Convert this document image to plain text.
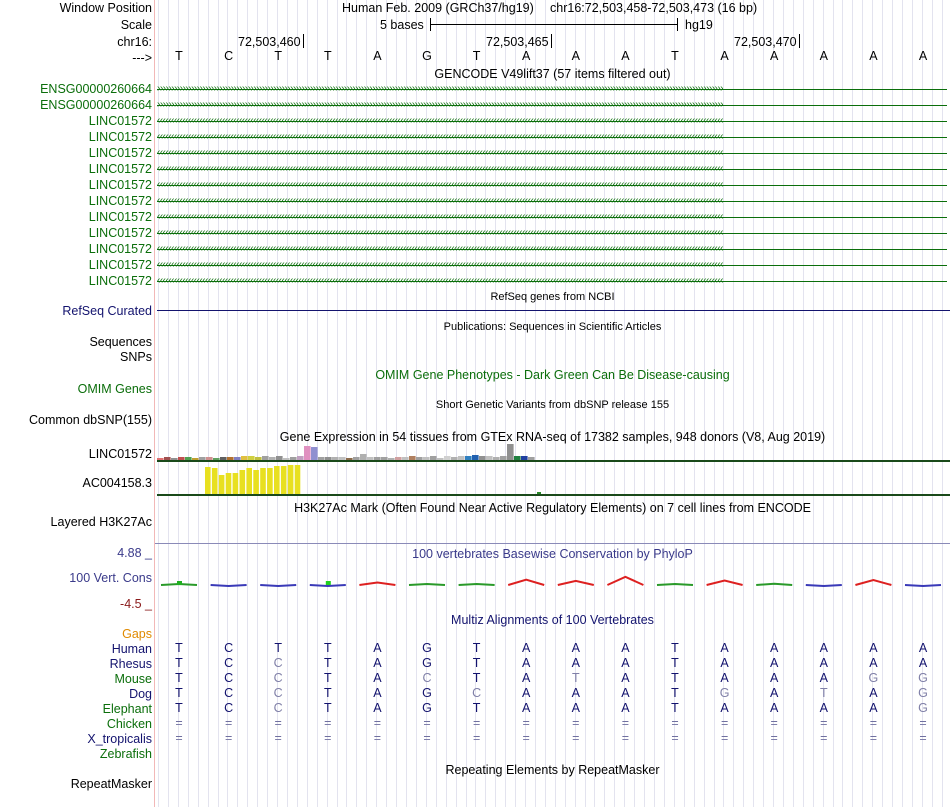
Window Position	Human Feb. 2009 (GRCh37/hg19) chr16:72,503,458-72,503,473 (16 bp)
Scale	5 bases	hg19
chr16:	72,503,460	72,503,465	72,503,470
--->	T	C	T	T	A	G	T	A	A	A	T	A	A	A	A	A
GENCODE V49lift37 (57 items filtered out)
ENSG00000260664 ››››››››››››››››››››››››››››››››››››››››››››››››››››››››››››››››››››››››››››››››››››››››››››››››››››››››››››››››››››››››››››››››››››››››››››››››››››››››››››››››››››››››››››››››››››››››››››››››››››››››
ENSG00000260664 ››››››››››››››››››››››››››››››››››››››››››››››››››››››››››››››››››››››››››››››››››››››››››››››››››››››››››››››››››››››››››››››››››››››››››››››››››››››››››››››››››››››››››››››››››››››››››››››››››››››››
LINC01572 ‹‹‹‹‹‹‹‹‹‹‹‹‹‹‹‹‹‹‹‹‹‹‹‹‹‹‹‹‹‹‹‹‹‹‹‹‹‹‹‹‹‹‹‹‹‹‹‹‹‹‹‹‹‹‹‹‹‹‹‹‹‹‹‹‹‹‹‹‹‹‹‹‹‹‹‹‹‹‹‹‹‹‹‹‹‹‹‹‹‹‹‹‹‹‹‹‹‹‹‹‹‹‹‹‹‹‹‹‹‹‹‹‹‹‹‹‹‹‹‹‹‹‹‹‹‹‹‹‹‹‹‹‹‹‹‹‹‹‹‹‹‹‹‹‹‹‹‹‹‹‹‹‹‹‹‹‹‹‹‹‹‹‹‹‹‹‹‹‹‹‹‹‹‹‹‹‹‹‹‹‹‹‹‹‹‹‹‹‹‹‹‹‹‹‹‹‹‹‹‹
LINC01572 ‹‹‹‹‹‹‹‹‹‹‹‹‹‹‹‹‹‹‹‹‹‹‹‹‹‹‹‹‹‹‹‹‹‹‹‹‹‹‹‹‹‹‹‹‹‹‹‹‹‹‹‹‹‹‹‹‹‹‹‹‹‹‹‹‹‹‹‹‹‹‹‹‹‹‹‹‹‹‹‹‹‹‹‹‹‹‹‹‹‹‹‹‹‹‹‹‹‹‹‹‹‹‹‹‹‹‹‹‹‹‹‹‹‹‹‹‹‹‹‹‹‹‹‹‹‹‹‹‹‹‹‹‹‹‹‹‹‹‹‹‹‹‹‹‹‹‹‹‹‹‹‹‹‹‹‹‹‹‹‹‹‹‹‹‹‹‹‹‹‹‹‹‹‹‹‹‹‹‹‹‹‹‹‹‹‹‹‹‹‹‹‹‹‹‹‹‹‹‹‹
LINC01572 ‹‹‹‹‹‹‹‹‹‹‹‹‹‹‹‹‹‹‹‹‹‹‹‹‹‹‹‹‹‹‹‹‹‹‹‹‹‹‹‹‹‹‹‹‹‹‹‹‹‹‹‹‹‹‹‹‹‹‹‹‹‹‹‹‹‹‹‹‹‹‹‹‹‹‹‹‹‹‹‹‹‹‹‹‹‹‹‹‹‹‹‹‹‹‹‹‹‹‹‹‹‹‹‹‹‹‹‹‹‹‹‹‹‹‹‹‹‹‹‹‹‹‹‹‹‹‹‹‹‹‹‹‹‹‹‹‹‹‹‹‹‹‹‹‹‹‹‹‹‹‹‹‹‹‹‹‹‹‹‹‹‹‹‹‹‹‹‹‹‹‹‹‹‹‹‹‹‹‹‹‹‹‹‹‹‹‹‹‹‹‹‹‹‹‹‹‹‹‹‹
LINC01572 ‹‹‹‹‹‹‹‹‹‹‹‹‹‹‹‹‹‹‹‹‹‹‹‹‹‹‹‹‹‹‹‹‹‹‹‹‹‹‹‹‹‹‹‹‹‹‹‹‹‹‹‹‹‹‹‹‹‹‹‹‹‹‹‹‹‹‹‹‹‹‹‹‹‹‹‹‹‹‹‹‹‹‹‹‹‹‹‹‹‹‹‹‹‹‹‹‹‹‹‹‹‹‹‹‹‹‹‹‹‹‹‹‹‹‹‹‹‹‹‹‹‹‹‹‹‹‹‹‹‹‹‹‹‹‹‹‹‹‹‹‹‹‹‹‹‹‹‹‹‹‹‹‹‹‹‹‹‹‹‹‹‹‹‹‹‹‹‹‹‹‹‹‹‹‹‹‹‹‹‹‹‹‹‹‹‹‹‹‹‹‹‹‹‹‹‹‹‹‹‹
LINC01572 ‹‹‹‹‹‹‹‹‹‹‹‹‹‹‹‹‹‹‹‹‹‹‹‹‹‹‹‹‹‹‹‹‹‹‹‹‹‹‹‹‹‹‹‹‹‹‹‹‹‹‹‹‹‹‹‹‹‹‹‹‹‹‹‹‹‹‹‹‹‹‹‹‹‹‹‹‹‹‹‹‹‹‹‹‹‹‹‹‹‹‹‹‹‹‹‹‹‹‹‹‹‹‹‹‹‹‹‹‹‹‹‹‹‹‹‹‹‹‹‹‹‹‹‹‹‹‹‹‹‹‹‹‹‹‹‹‹‹‹‹‹‹‹‹‹‹‹‹‹‹‹‹‹‹‹‹‹‹‹‹‹‹‹‹‹‹‹‹‹‹‹‹‹‹‹‹‹‹‹‹‹‹‹‹‹‹‹‹‹‹‹‹‹‹‹‹‹‹‹‹
LINC01572 ‹‹‹‹‹‹‹‹‹‹‹‹‹‹‹‹‹‹‹‹‹‹‹‹‹‹‹‹‹‹‹‹‹‹‹‹‹‹‹‹‹‹‹‹‹‹‹‹‹‹‹‹‹‹‹‹‹‹‹‹‹‹‹‹‹‹‹‹‹‹‹‹‹‹‹‹‹‹‹‹‹‹‹‹‹‹‹‹‹‹‹‹‹‹‹‹‹‹‹‹‹‹‹‹‹‹‹‹‹‹‹‹‹‹‹‹‹‹‹‹‹‹‹‹‹‹‹‹‹‹‹‹‹‹‹‹‹‹‹‹‹‹‹‹‹‹‹‹‹‹‹‹‹‹‹‹‹‹‹‹‹‹‹‹‹‹‹‹‹‹‹‹‹‹‹‹‹‹‹‹‹‹‹‹‹‹‹‹‹‹‹‹‹‹‹‹‹‹‹‹
LINC01572 ‹‹‹‹‹‹‹‹‹‹‹‹‹‹‹‹‹‹‹‹‹‹‹‹‹‹‹‹‹‹‹‹‹‹‹‹‹‹‹‹‹‹‹‹‹‹‹‹‹‹‹‹‹‹‹‹‹‹‹‹‹‹‹‹‹‹‹‹‹‹‹‹‹‹‹‹‹‹‹‹‹‹‹‹‹‹‹‹‹‹‹‹‹‹‹‹‹‹‹‹‹‹‹‹‹‹‹‹‹‹‹‹‹‹‹‹‹‹‹‹‹‹‹‹‹‹‹‹‹‹‹‹‹‹‹‹‹‹‹‹‹‹‹‹‹‹‹‹‹‹‹‹‹‹‹‹‹‹‹‹‹‹‹‹‹‹‹‹‹‹‹‹‹‹‹‹‹‹‹‹‹‹‹‹‹‹‹‹‹‹‹‹‹‹‹‹‹‹‹‹
LINC01572 ‹‹‹‹‹‹‹‹‹‹‹‹‹‹‹‹‹‹‹‹‹‹‹‹‹‹‹‹‹‹‹‹‹‹‹‹‹‹‹‹‹‹‹‹‹‹‹‹‹‹‹‹‹‹‹‹‹‹‹‹‹‹‹‹‹‹‹‹‹‹‹‹‹‹‹‹‹‹‹‹‹‹‹‹‹‹‹‹‹‹‹‹‹‹‹‹‹‹‹‹‹‹‹‹‹‹‹‹‹‹‹‹‹‹‹‹‹‹‹‹‹‹‹‹‹‹‹‹‹‹‹‹‹‹‹‹‹‹‹‹‹‹‹‹‹‹‹‹‹‹‹‹‹‹‹‹‹‹‹‹‹‹‹‹‹‹‹‹‹‹‹‹‹‹‹‹‹‹‹‹‹‹‹‹‹‹‹‹‹‹‹‹‹‹‹‹‹‹‹‹
LINC01572 ‹‹‹‹‹‹‹‹‹‹‹‹‹‹‹‹‹‹‹‹‹‹‹‹‹‹‹‹‹‹‹‹‹‹‹‹‹‹‹‹‹‹‹‹‹‹‹‹‹‹‹‹‹‹‹‹‹‹‹‹‹‹‹‹‹‹‹‹‹‹‹‹‹‹‹‹‹‹‹‹‹‹‹‹‹‹‹‹‹‹‹‹‹‹‹‹‹‹‹‹‹‹‹‹‹‹‹‹‹‹‹‹‹‹‹‹‹‹‹‹‹‹‹‹‹‹‹‹‹‹‹‹‹‹‹‹‹‹‹‹‹‹‹‹‹‹‹‹‹‹‹‹‹‹‹‹‹‹‹‹‹‹‹‹‹‹‹‹‹‹‹‹‹‹‹‹‹‹‹‹‹‹‹‹‹‹‹‹‹‹‹‹‹‹‹‹‹‹‹‹
LINC01572 ‹‹‹‹‹‹‹‹‹‹‹‹‹‹‹‹‹‹‹‹‹‹‹‹‹‹‹‹‹‹‹‹‹‹‹‹‹‹‹‹‹‹‹‹‹‹‹‹‹‹‹‹‹‹‹‹‹‹‹‹‹‹‹‹‹‹‹‹‹‹‹‹‹‹‹‹‹‹‹‹‹‹‹‹‹‹‹‹‹‹‹‹‹‹‹‹‹‹‹‹‹‹‹‹‹‹‹‹‹‹‹‹‹‹‹‹‹‹‹‹‹‹‹‹‹‹‹‹‹‹‹‹‹‹‹‹‹‹‹‹‹‹‹‹‹‹‹‹‹‹‹‹‹‹‹‹‹‹‹‹‹‹‹‹‹‹‹‹‹‹‹‹‹‹‹‹‹‹‹‹‹‹‹‹‹‹‹‹‹‹‹‹‹‹‹‹‹‹‹‹
LINC01572 ‹‹‹‹‹‹‹‹‹‹‹‹‹‹‹‹‹‹‹‹‹‹‹‹‹‹‹‹‹‹‹‹‹‹‹‹‹‹‹‹‹‹‹‹‹‹‹‹‹‹‹‹‹‹‹‹‹‹‹‹‹‹‹‹‹‹‹‹‹‹‹‹‹‹‹‹‹‹‹‹‹‹‹‹‹‹‹‹‹‹‹‹‹‹‹‹‹‹‹‹‹‹‹‹‹‹‹‹‹‹‹‹‹‹‹‹‹‹‹‹‹‹‹‹‹‹‹‹‹‹‹‹‹‹‹‹‹‹‹‹‹‹‹‹‹‹‹‹‹‹‹‹‹‹‹‹‹‹‹‹‹‹‹‹‹‹‹‹‹‹‹‹‹‹‹‹‹‹‹‹‹‹‹‹‹‹‹‹‹‹‹‹‹‹‹‹‹‹‹‹
RefSeq genes from NCBI
RefSeq Curated
Publications: Sequences in Scientific Articles
Sequences
SNPs
OMIM Gene Phenotypes - Dark Green Can Be Disease-causing
OMIM Genes
Short Genetic Variants from dbSNP release 155
Common dbSNP(155)
Gene Expression in 54 tissues from GTEx RNA-seq of 17382 samples, 948 donors (V8, Aug 2019)
LINC01572
AC004158.3
H3K27Ac Mark (Often Found Near Active Regulatory Elements) on 7 cell lines from ENCODE
Layered H3K27Ac
100 vertebrates Basewise Conservation by PhyloP
4.88 _
100 Vert. Cons
-4.5 _
Multiz Alignments of 100 Vertebrates
Gaps
Human	T	C	T	T	A	G	T	A	A	A	T	A	A	A	A	A
Rhesus	T	C	C	T	A	G	T	A	A	A	T	A	A	A	A	A
Mouse	T	C	C	T	A	C	T	A	T	A	T	A	A	A	G	G
Dog	T	C	C	T	A	G	C	A	A	A	T	G	A	T	A	G
Elephant	T	C	C	T	A	G	T	A	A	A	T	A	A	A	A	G
Chicken	=	=	=	=	=	=	=	=	=	=	=	=	=	=	=	=
X_tropicalis	=	=	=	=	=	=	=	=	=	=	=	=	=	=	=	=
Zebrafish
Repeating Elements by RepeatMasker
RepeatMasker
